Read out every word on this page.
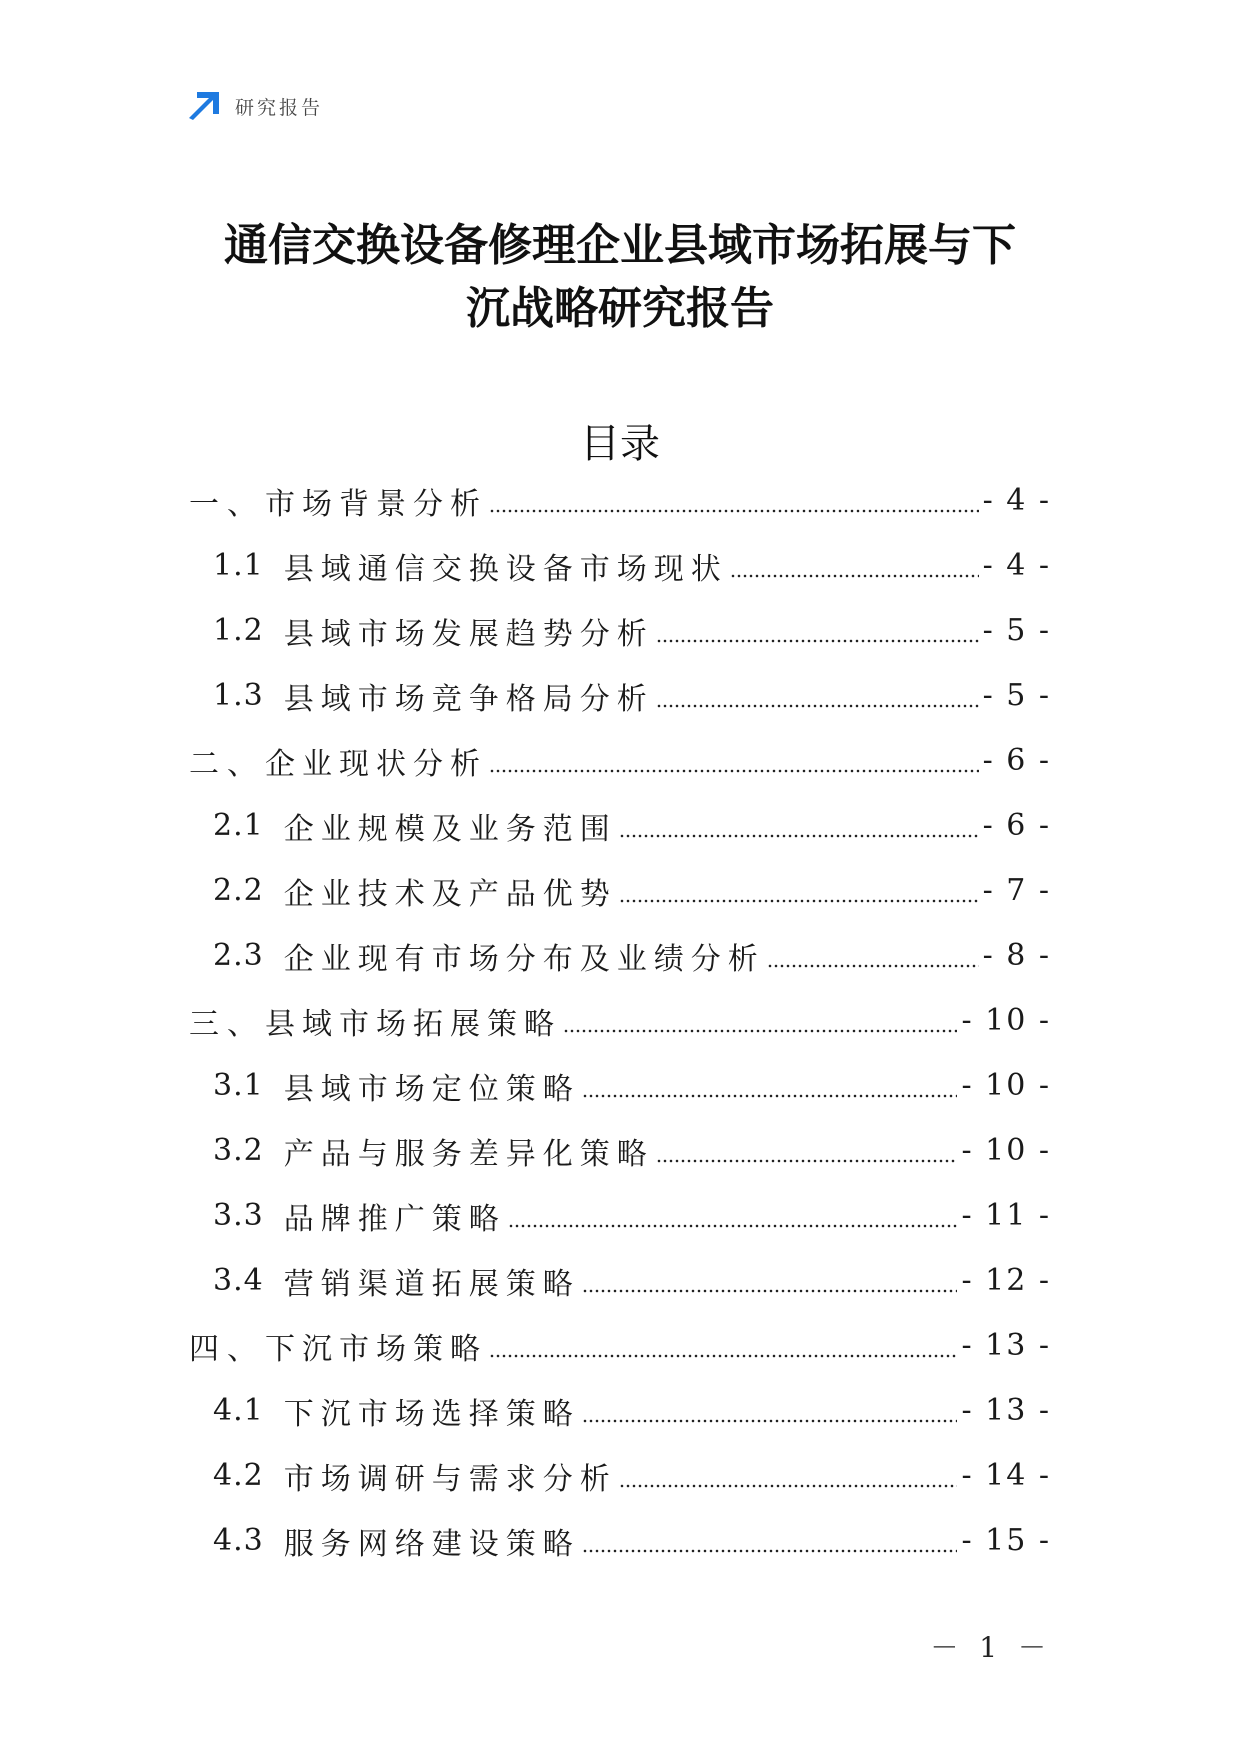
研究报告
通信交换设备修理企业县域市场拓展与下
沉战略研究报告
目录
一、 市场背景分析	- 4 -
1.1 县域通信交换设备市场现状	- 4 -
1.2 县域市场发展趋势分析	- 5 -
1.3 县域市场竞争格局分析	- 5 -
二、 企业现状分析	- 6 -
2.1 企业规模及业务范围	- 6 -
2.2 企业技术及产品优势	- 7 -
2.3 企业现有市场分布及业绩分析	- 8 -
三、 县域市场拓展策略	- 10 -
3.1 县域市场定位策略	- 10 -
3.2 产品与服务差异化策略	- 10 -
3.3 品牌推广策略	- 11 -
3.4 营销渠道拓展策略	- 12 -
四、 下沉市场策略	- 13 -
4.1 下沉市场选择策略	- 13 -
4.2 市场调研与需求分析	- 14 -
4.3 服务网络建设策略	- 15 -
－ 1 －
